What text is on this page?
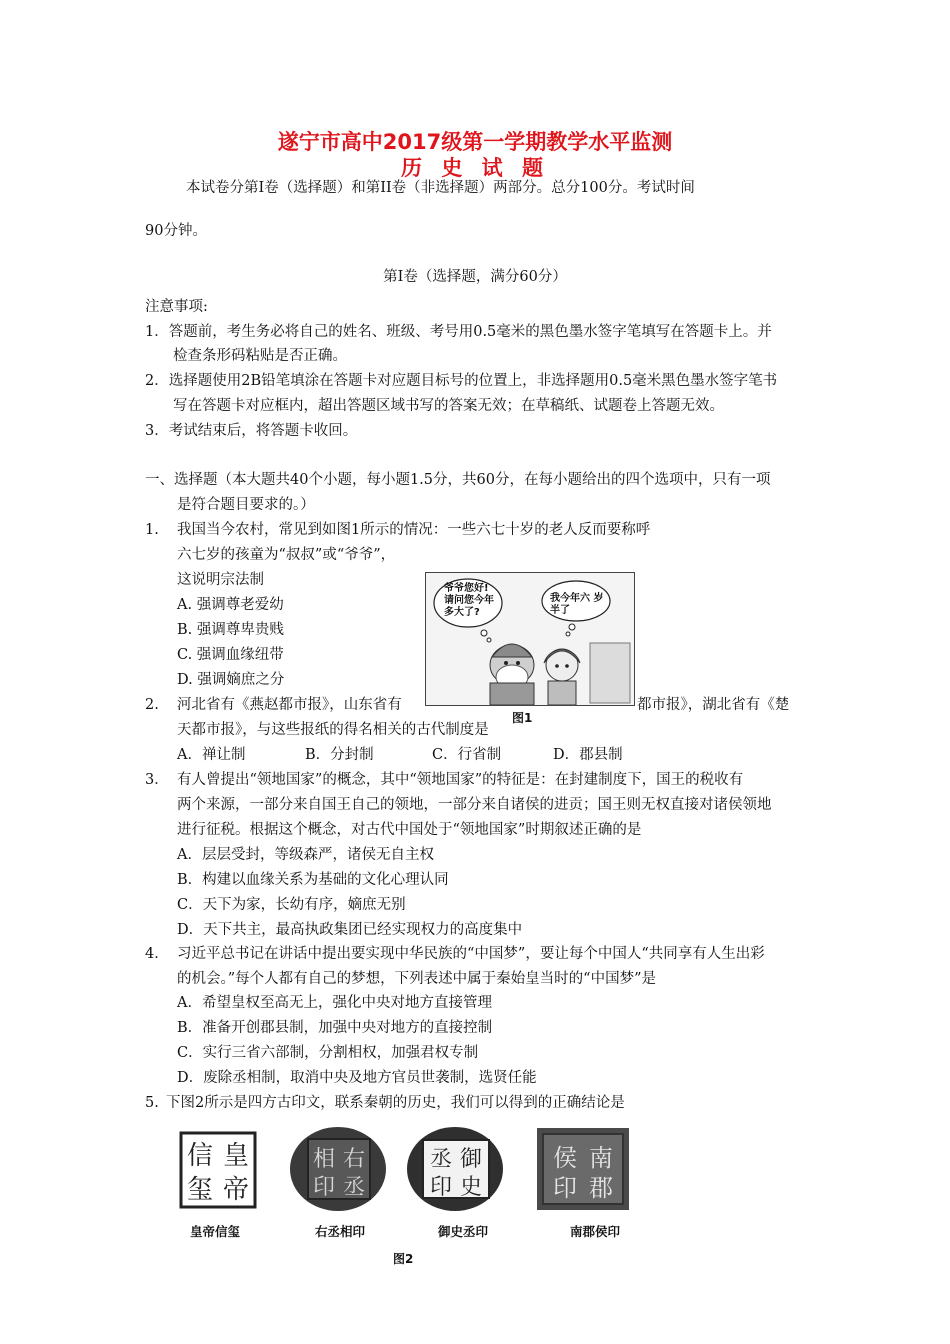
遂宁市高中2017级第一学期教学水平监测
历 史 试 题
本试卷分第Ⅰ卷（选择题）和第II卷（非选择题）两部分。总分100分。考试时间
90分钟。
第Ⅰ卷（选择题，满分60分）
注意事项:
1．答题前，考生务必将自己的姓名、班级、考号用0.5毫米的黑色墨水签字笔填写在答题卡上。并
检查条形码粘贴是否正确。
2．选择题使用2B铅笔填涂在答题卡对应题目标号的位置上，非选择题用0.5毫米黑色墨水签字笔书
写在答题卡对应框内，超出答题区域书写的答案无效；在草稿纸、试题卷上答题无效。
3．考试结束后，将答题卡收回。
一、选择题（本大题共40个小题，每小题1.5分，共60分，在每小题给出的四个选项中，只有一项
是符合题目要求的。）
1. 我国当今农村，常见到如图1所示的情况：一些六七十岁的老人反而要称呼
六七岁的孩童为“叔叔”或“爷爷”，
这说明宗法制
A. 强调尊老爱幼
B. 强调尊卑贵贱
C. 强调血缘纽带
D. 强调嫡庶之分
爷爷您好!请问您今年多大了?
我今年六 岁半了
图1
2. 河北省有《燕赵都市报》，山东省有	都市报》，湖北省有《楚
天都市报》，与这些报纸的得名相关的古代制度是
A．禅让制	B．分封制	C．行省制	D．郡县制
3． 有人曾提出“领地国家”的概念，其中“领地国家”的特征是：在封建制度下，国王的税收有
两个来源，一部分来自国王自己的领地，一部分来自诸侯的进贡；国王则无权直接对诸侯领地
进行征税。根据这个概念，对古代中国处于“领地国家”时期叙述正确的是
A．层层受封，等级森严，诸侯无自主权
B．构建以血缘关系为基础的文化心理认同
C．天下为家，长幼有序，嫡庶无别
D．天下共主，最高执政集团已经实现权力的高度集中
4． 习近平总书记在讲话中提出要实现中华民族的“中国梦”，要让每个中国人“共同享有人生出彩
的机会。”每个人都有自己的梦想，下列表述中属于秦始皇当时的“中国梦”是
A．希望皇权至高无上，强化中央对地方直接管理
B．准备开创郡县制，加强中央对地方的直接控制
C．实行三省六部制，分割相权，加强君权专制
D．废除丞相制，取消中央及地方官员世袭制，选贤任能
5. 下图2所示是四方古印文，联系秦朝的历史，我们可以得到的正确结论是
皇
帝
信
玺
皇帝信玺
右
丞
相
印
右丞相印
御
史
丞
印
御史丞印
南
郡
侯
印
南郡侯印
图2
